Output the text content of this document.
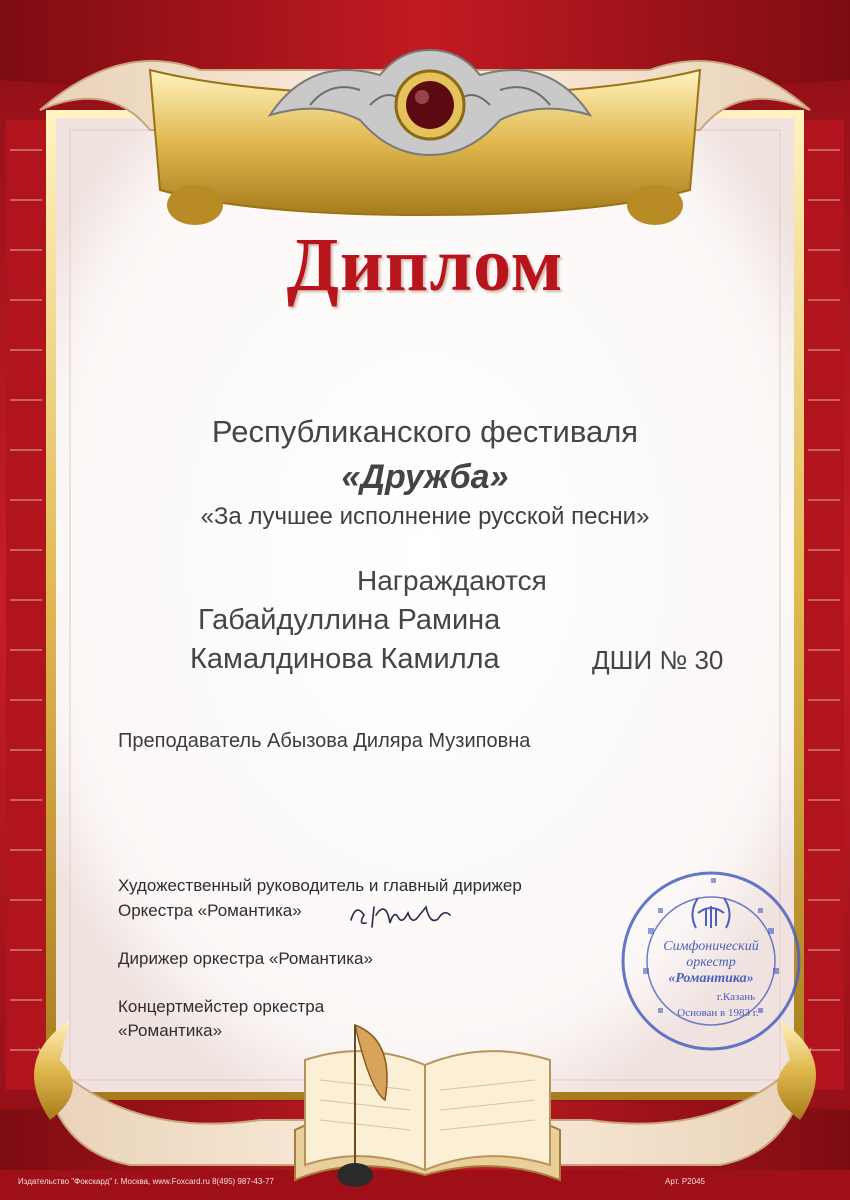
Диплом
Республиканского фестиваля
«Дружба»
«За лучшее исполнение русской песни»
Награждаются
Габайдуллина Рамина
Камалдинова Камилла	ДШИ № 30
Преподаватель Абызова Диляра Музиповна
Художественный руководитель и главный дирижер
Оркестра «Романтика»
Дирижер оркестра «Романтика»
Концертмейстер оркестра
«Романтика»
Симфонический
оркестр
«Романтика»
г.Казань
Основан в 1983 г.
Издательство "Фокскард" г. Москва, www.Foxcard.ru 8(495) 987-43-77	Арт. Р2045
